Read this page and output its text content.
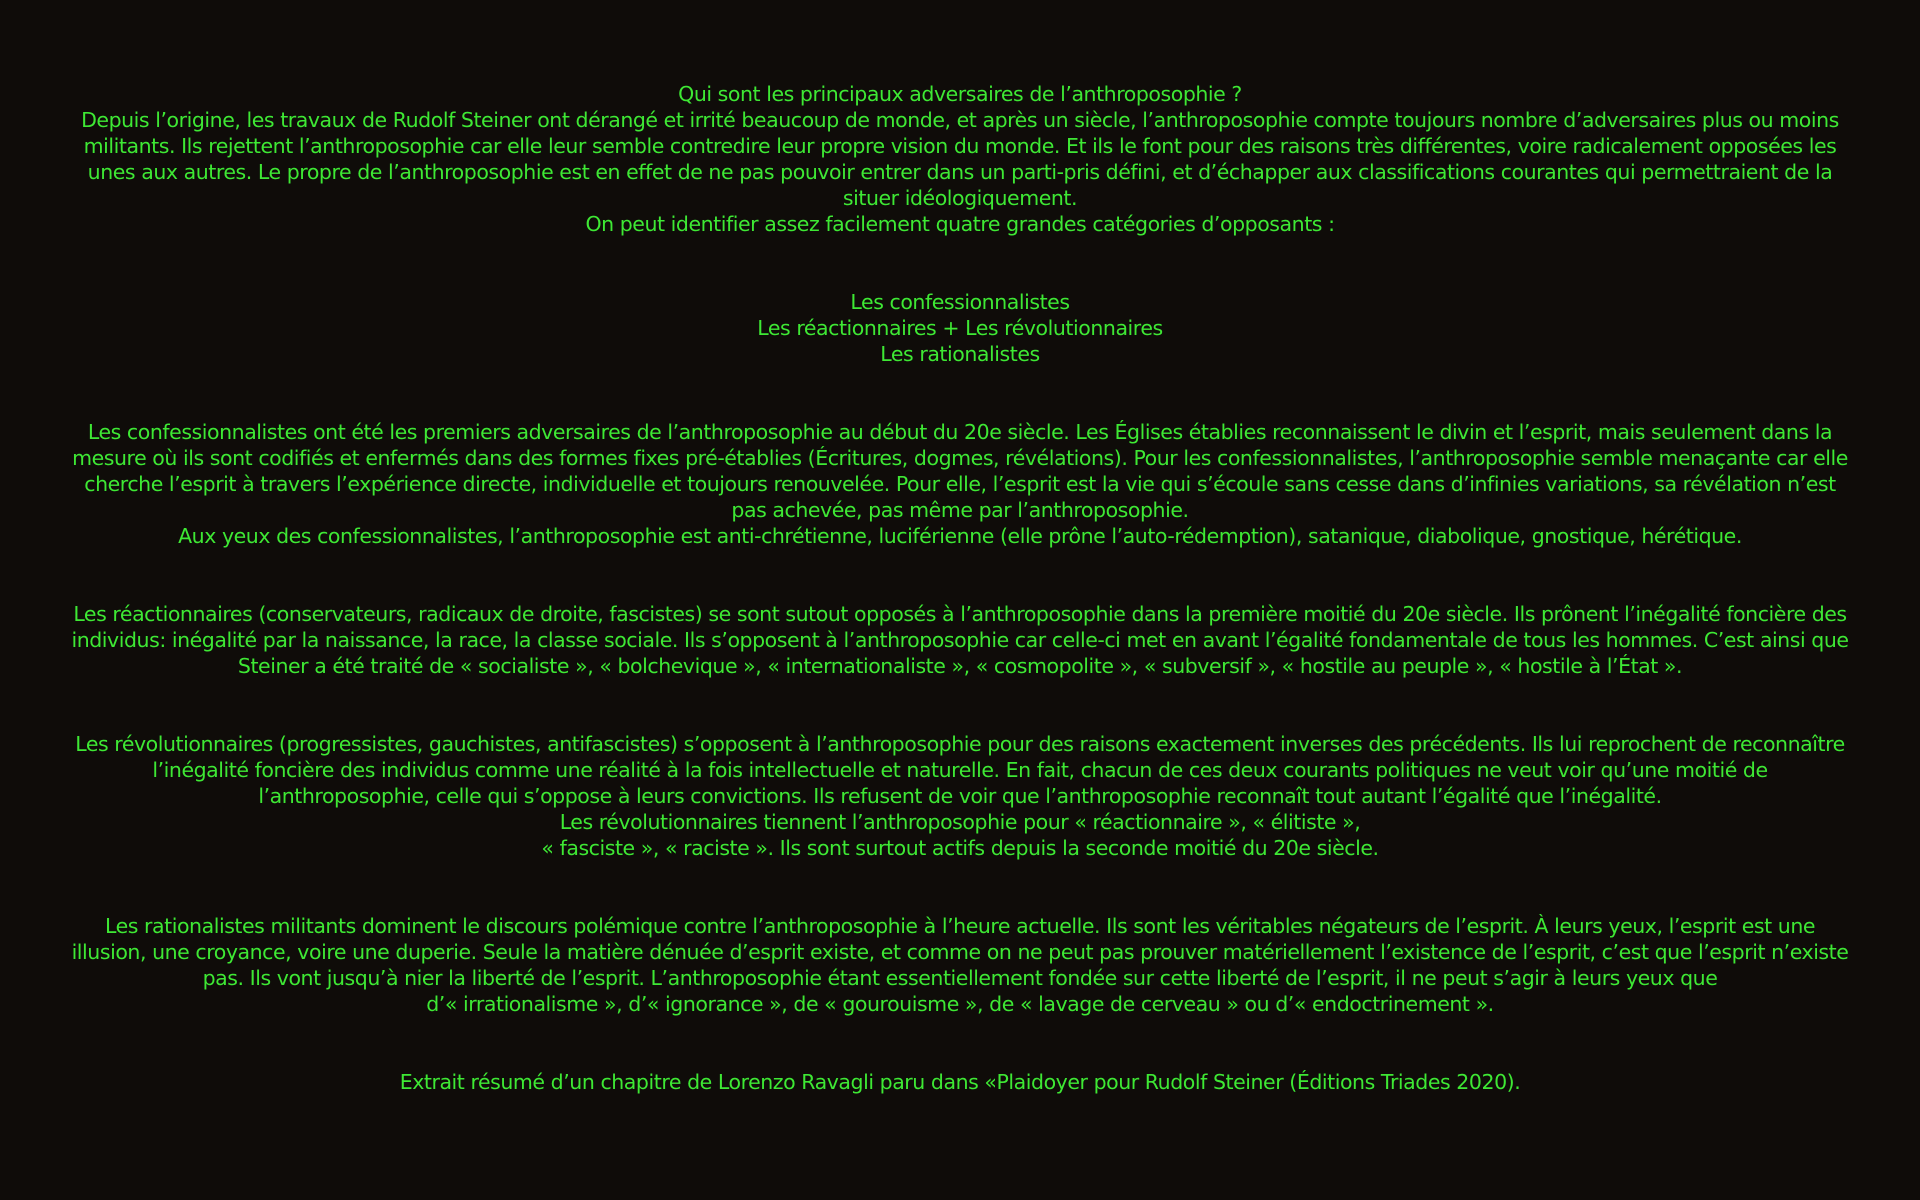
Qui sont les principaux adversaires de l’anthroposophie ?

Depuis l’origine, les travaux de Rudolf Steiner ont dérangé et irrité beaucoup de monde, et après un siècle, l’anthroposophie compte toujours nombre d’adversaires plus ou moins militants. Ils rejettent l’anthroposophie car elle leur semble contredire leur propre vision du monde. Et ils le font pour des raisons très différentes, voire radicalement opposées les unes aux autres. Le propre de l’anthroposophie est en effet de ne pas pouvoir entrer dans un parti-pris défini, et d’échapper aux classifications courantes qui permettraient de la situer idéologiquement.

On peut identifier assez facilement quatre grandes catégories d’opposants :

Les confessionnalistes

Les réactionnaires + Les révolutionnaires

Les rationalistes

Les confessionnalistes ont été les premiers adversaires de l’anthroposophie au début du 20e siècle. Les Églises établies reconnaissent le divin et l’esprit, mais seulement dans la mesure où ils sont codifiés et enfermés dans des formes fixes pré-établies (Écritures, dogmes, révélations). Pour les confessionnalistes, l’anthroposophie semble menaçante car elle cherche l’esprit à travers l’expérience directe, individuelle et toujours renouvelée. Pour elle, l’esprit est la vie qui s’écoule sans cesse dans d’infinies variations, sa révélation n’est pas achevée, pas même par l’anthroposophie.

Aux yeux des confessionnalistes, l’anthroposophie est anti-chrétienne, luciférienne (elle prône l’auto-rédemption), satanique, diabolique, gnostique, hérétique.

Les réactionnaires (conservateurs, radicaux de droite, fascistes) se sont sutout opposés à l’anthroposophie dans la première moitié du 20e siècle. Ils prônent l’inégalité foncière des individus: inégalité par la naissance, la race, la classe sociale. Ils s’opposent à l’anthroposophie car celle-ci met en avant l’égalité fondamentale de tous les hommes. C’est ainsi que Steiner a été traité de « socialiste », « bolchevique », « internationaliste », « cosmopolite », « subversif », « hostile au peuple », « hostile à l’État ».

Les révolutionnaires (progressistes, gauchistes, antifascistes) s’opposent à l’anthroposophie pour des raisons exactement inverses des précédents. Ils lui reprochent de reconnaître l’inégalité foncière des individus comme une réalité à la fois intellectuelle et naturelle. En fait, chacun de ces deux courants politiques ne veut voir qu’une moitié de l’anthroposophie, celle qui s’oppose à leurs convictions. Ils refusent de voir que l’anthroposophie reconnaît tout autant l’égalité que l’inégalité.

Les révolutionnaires tiennent l’anthroposophie pour « réactionnaire », « élitiste »,

« fasciste », « raciste ». Ils sont surtout actifs depuis la seconde moitié du 20e siècle.

Les rationalistes militants dominent le discours polémique contre l’anthroposophie à l’heure actuelle. Ils sont les véritables négateurs de l’esprit. À leurs yeux, l’esprit est une illusion, une croyance, voire une duperie. Seule la matière dénuée d’esprit existe, et comme on ne peut pas prouver matériellement l’existence de l’esprit, c’est que l’esprit n’existe pas. Ils vont jusqu’à nier la liberté de l’esprit. L’anthroposophie étant essentiellement fondée sur cette liberté de l’esprit, il ne peut s’agir à leurs yeux que

d’« irrationalisme », d’« ignorance », de « gourouisme », de « lavage de cerveau » ou d’« endoctrinement ».

Extrait résumé d’un chapitre de Lorenzo Ravagli paru dans «Plaidoyer pour Rudolf Steiner (Éditions Triades 2020).
